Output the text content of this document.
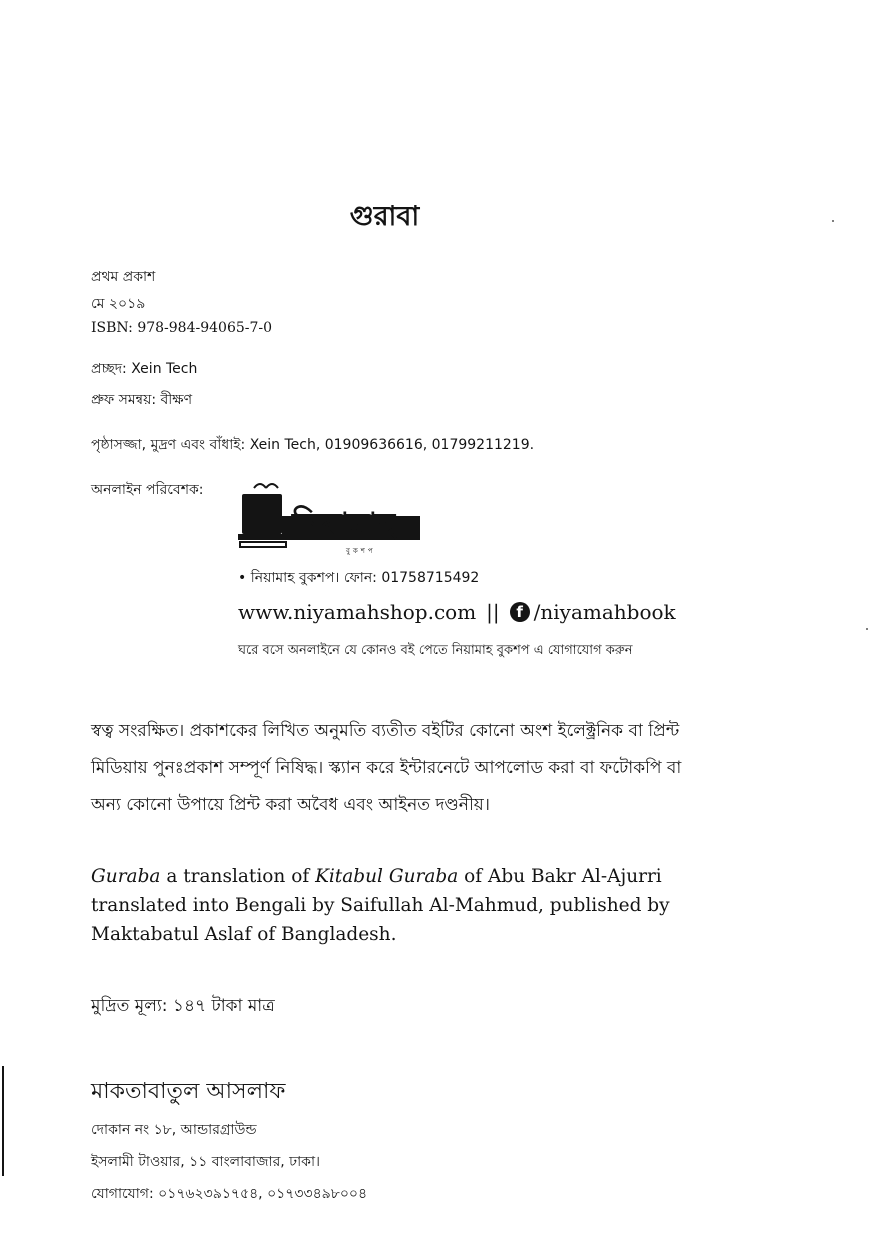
গুরাবা
প্রথম প্রকাশ
মে ২০১৯
ISBN: 978-984-94065-7-0
প্রচ্ছদ: Xein Tech
প্রুফ সমন্বয়: বীক্ষণ
পৃষ্ঠাসজ্জা, মুদ্রণ এবং বাঁধাই: Xein Tech, 01909636616, 01799211219.
অনলাইন পরিবেশক:
নিয়ামাহ
বুকশপ
• নিয়ামাহ বুকশপ। ফোন: 01758715492
www.niyamahshop.com ||	f /niyamahbook
ঘরে বসে অনলাইনে যে কোনও বই পেতে নিয়ামাহ বুকশপ এ যোগাযোগ করুন
স্বত্ব সংরক্ষিত। প্রকাশকের লিখিত অনুমতি ব্যতীত বইটির কোনো অংশ ইলেক্ট্রনিক বা প্রিন্ট মিডিয়ায় পুনঃপ্রকাশ সম্পূর্ণ নিষিদ্ধ। স্ক্যান করে ইন্টারনেটে আপলোড করা বা ফটোকপি বা অন্য কোনো উপায়ে প্রিন্ট করা অবৈধ এবং আইনত দণ্ডনীয়।
Guraba a translation of Kitabul Guraba of Abu Bakr Al-Ajurri translated into Bengali by Saifullah Al-Mahmud, published by Maktabatul Aslaf of Bangladesh.
মুদ্রিত মূল্য: ১৪৭ টাকা মাত্র
মাকতাবাতুল আসলাফ
দোকান নং ১৮, আন্ডারগ্রাউন্ড
ইসলামী টাওয়ার, ১১ বাংলাবাজার, ঢাকা।
যোগাযোগ: ০১৭৬২৩৯১৭৫৪, ০১৭৩৩৪৯৮০০৪
